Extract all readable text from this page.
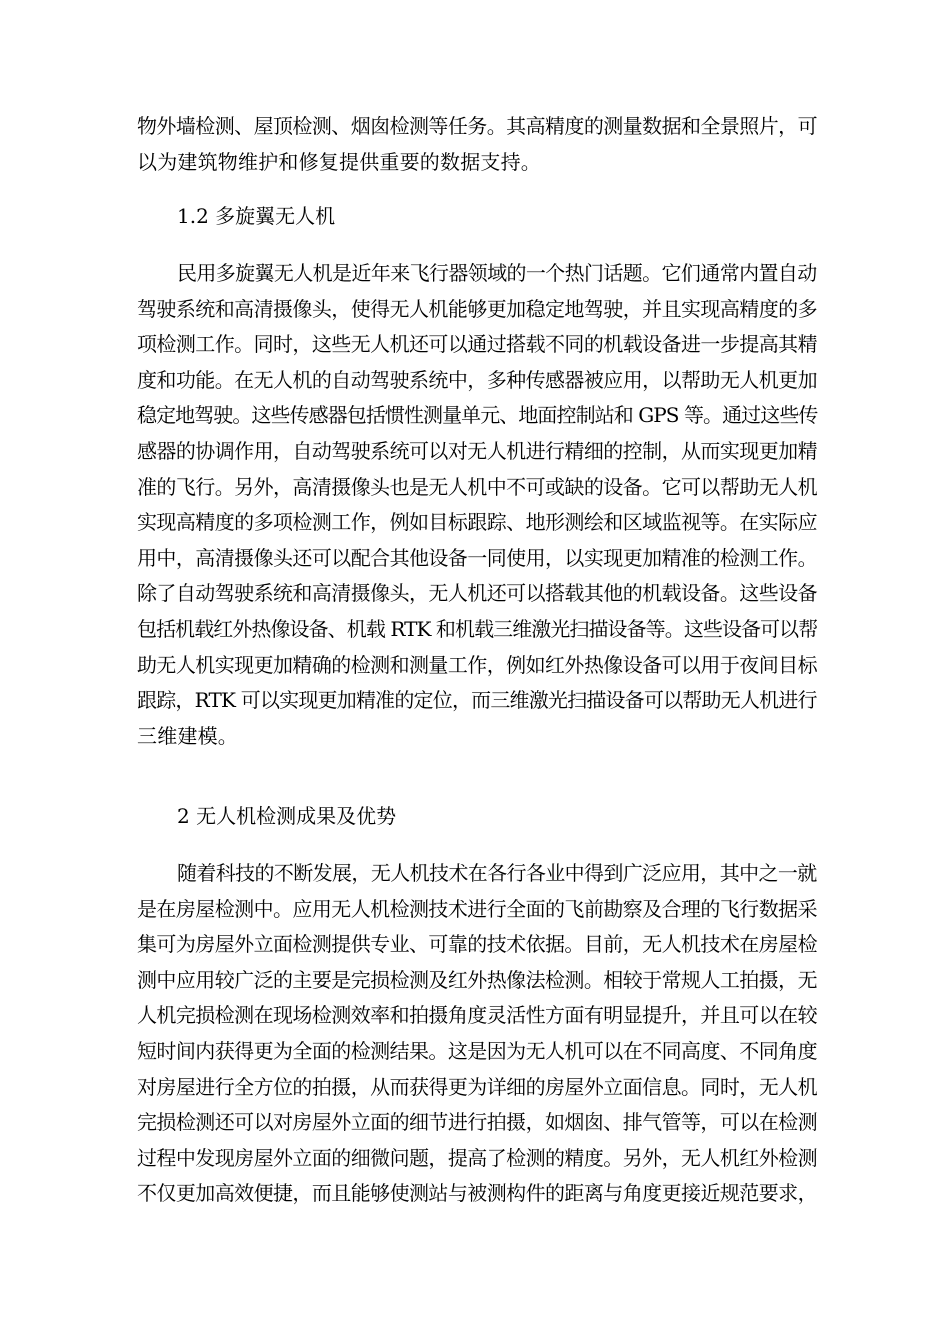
物外墙检测、屋顶检测、烟囱检测等任务。其高精度的测量数据和全景照片，可
以为建筑物维护和修复提供重要的数据支持。
1.2 多旋翼无人机
民用多旋翼无人机是近年来飞行器领域的一个热门话题。它们通常内置自动
驾驶系统和高清摄像头，使得无人机能够更加稳定地驾驶，并且实现高精度的多
项检测工作。同时，这些无人机还可以通过搭载不同的机载设备进一步提高其精
度和功能。在无人机的自动驾驶系统中，多种传感器被应用，以帮助无人机更加
稳定地驾驶。这些传感器包括惯性测量单元、地面控制站和 GPS 等。通过这些传
感器的协调作用，自动驾驶系统可以对无人机进行精细的控制，从而实现更加精
准的飞行。另外，高清摄像头也是无人机中不可或缺的设备。它可以帮助无人机
实现高精度的多项检测工作，例如目标跟踪、地形测绘和区域监视等。在实际应
用中，高清摄像头还可以配合其他设备一同使用，以实现更加精准的检测工作。
除了自动驾驶系统和高清摄像头，无人机还可以搭载其他的机载设备。这些设备
包括机载红外热像设备、机载 RTK 和机载三维激光扫描设备等。这些设备可以帮
助无人机实现更加精确的检测和测量工作，例如红外热像设备可以用于夜间目标
跟踪，RTK 可以实现更加精准的定位，而三维激光扫描设备可以帮助无人机进行
三维建模。
2 无人机检测成果及优势
随着科技的不断发展，无人机技术在各行各业中得到广泛应用，其中之一就
是在房屋检测中。应用无人机检测技术进行全面的飞前勘察及合理的飞行数据采
集可为房屋外立面检测提供专业、可靠的技术依据。目前，无人机技术在房屋检
测中应用较广泛的主要是完损检测及红外热像法检测。相较于常规人工拍摄，无
人机完损检测在现场检测效率和拍摄角度灵活性方面有明显提升，并且可以在较
短时间内获得更为全面的检测结果。这是因为无人机可以在不同高度、不同角度
对房屋进行全方位的拍摄，从而获得更为详细的房屋外立面信息。同时，无人机
完损检测还可以对房屋外立面的细节进行拍摄，如烟囱、排气管等，可以在检测
过程中发现房屋外立面的细微问题，提高了检测的精度。另外，无人机红外检测
不仅更加高效便捷，而且能够使测站与被测构件的距离与角度更接近规范要求，
